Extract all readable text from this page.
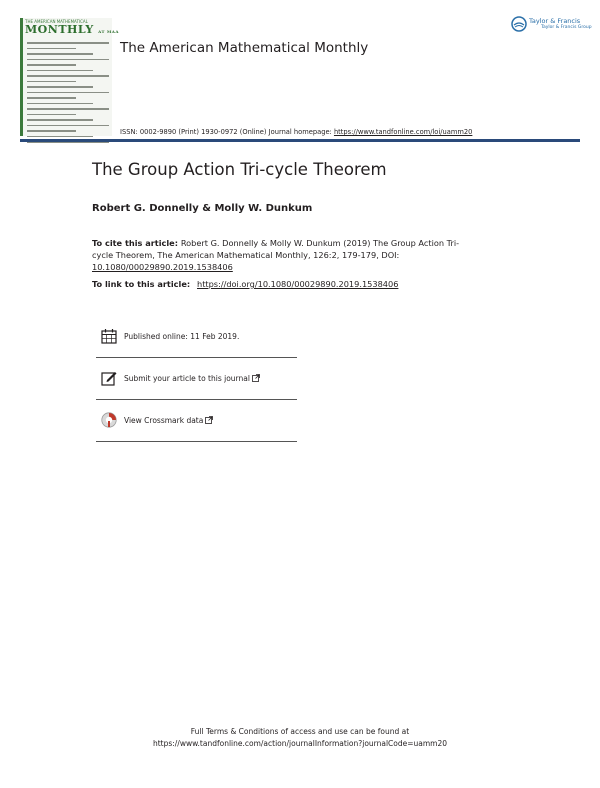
THE AMERICAN MATHEMATICAL
MONTHLY AT MAA
The American Mathematical Monthly
Taylor & Francis
Taylor & Francis Group
ISSN: 0002-9890 (Print) 1930-0972 (Online) Journal homepage: https://www.tandfonline.com/loi/uamm20
The Group Action Tri-cycle Theorem
Robert G. Donnelly & Molly W. Dunkum
To cite this article: Robert G. Donnelly & Molly W. Dunkum (2019) The Group Action Tri-cycle Theorem, The American Mathematical Monthly, 126:2, 179-179, DOI: 10.1080/00029890.2019.1538406
To link to this article: https://doi.org/10.1080/00029890.2019.1538406
Published online: 11 Feb 2019.
Submit your article to this journal
View Crossmark data
Full Terms & Conditions of access and use can be found at
https://www.tandfonline.com/action/journalInformation?journalCode=uamm20
